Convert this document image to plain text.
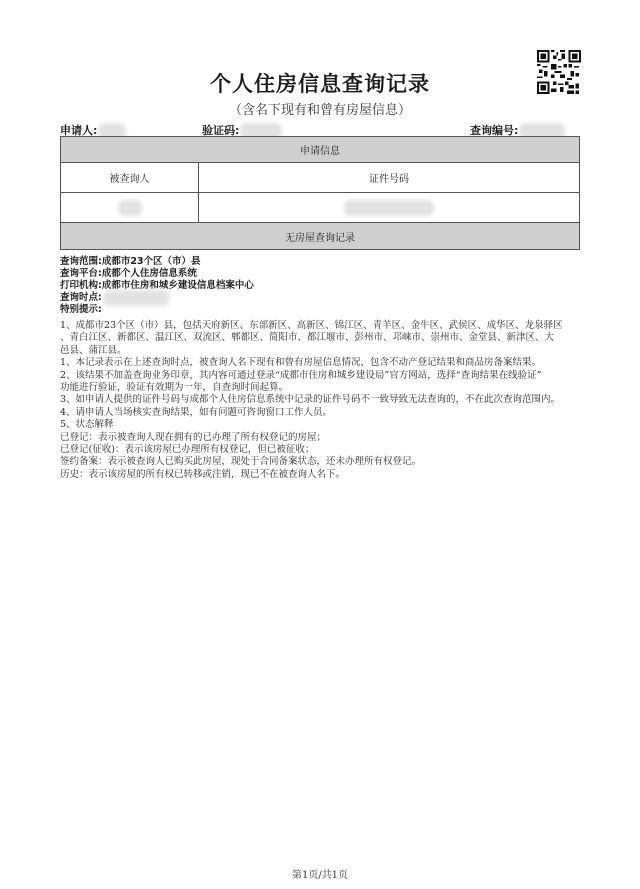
个人住房信息查询记录
（含名下现有和曾有房屋信息）
申请人:	验证码:	查询编号:
申请信息
被查询人	证件号码
无房屋查询记录
查询范围:成都市23个区（市）县
查询平台:成都个人住房信息系统
打印机构:成都市住房和城乡建设信息档案中心
查询时点:
特别提示:
1、成都市23个区（市）县，包括天府新区、东部新区、高新区、锦江区、青羊区、金牛区、武侯区、成华区、龙泉驿区
、青白江区、新都区、温江区、双流区、郫都区、简阳市、都江堰市、彭州市、邛崃市、崇州市、金堂县、新津区、大
邑县、蒲江县。
1、本记录表示在上述查询时点，被查询人名下现有和曾有房屋信息情况，包含不动产登记结果和商品房备案结果。
2、该结果不加盖查询业务印章，其内容可通过登录“成都市住房和城乡建设局”官方网站，选择“查询结果在线验证”
功能进行验证，验证有效期为一年，自查询时间起算。
3、如申请人提供的证件号码与成都个人住房信息系统中记录的证件号码不一致导致无法查询的，不在此次查询范围内。
4、请申请人当场核实查询结果，如有问题可咨询窗口工作人员。
5、状态解释
已登记：表示被查询人现在拥有的已办理了所有权登记的房屋；
已登记(征收)：表示该房屋已办理所有权登记，但已被征收；
签约备案：表示被查询人已购买此房屋，现处于合同备案状态，还未办理所有权登记。
历史：表示该房屋的所有权已转移或注销，现已不在被查询人名下。
第1页/共1页
